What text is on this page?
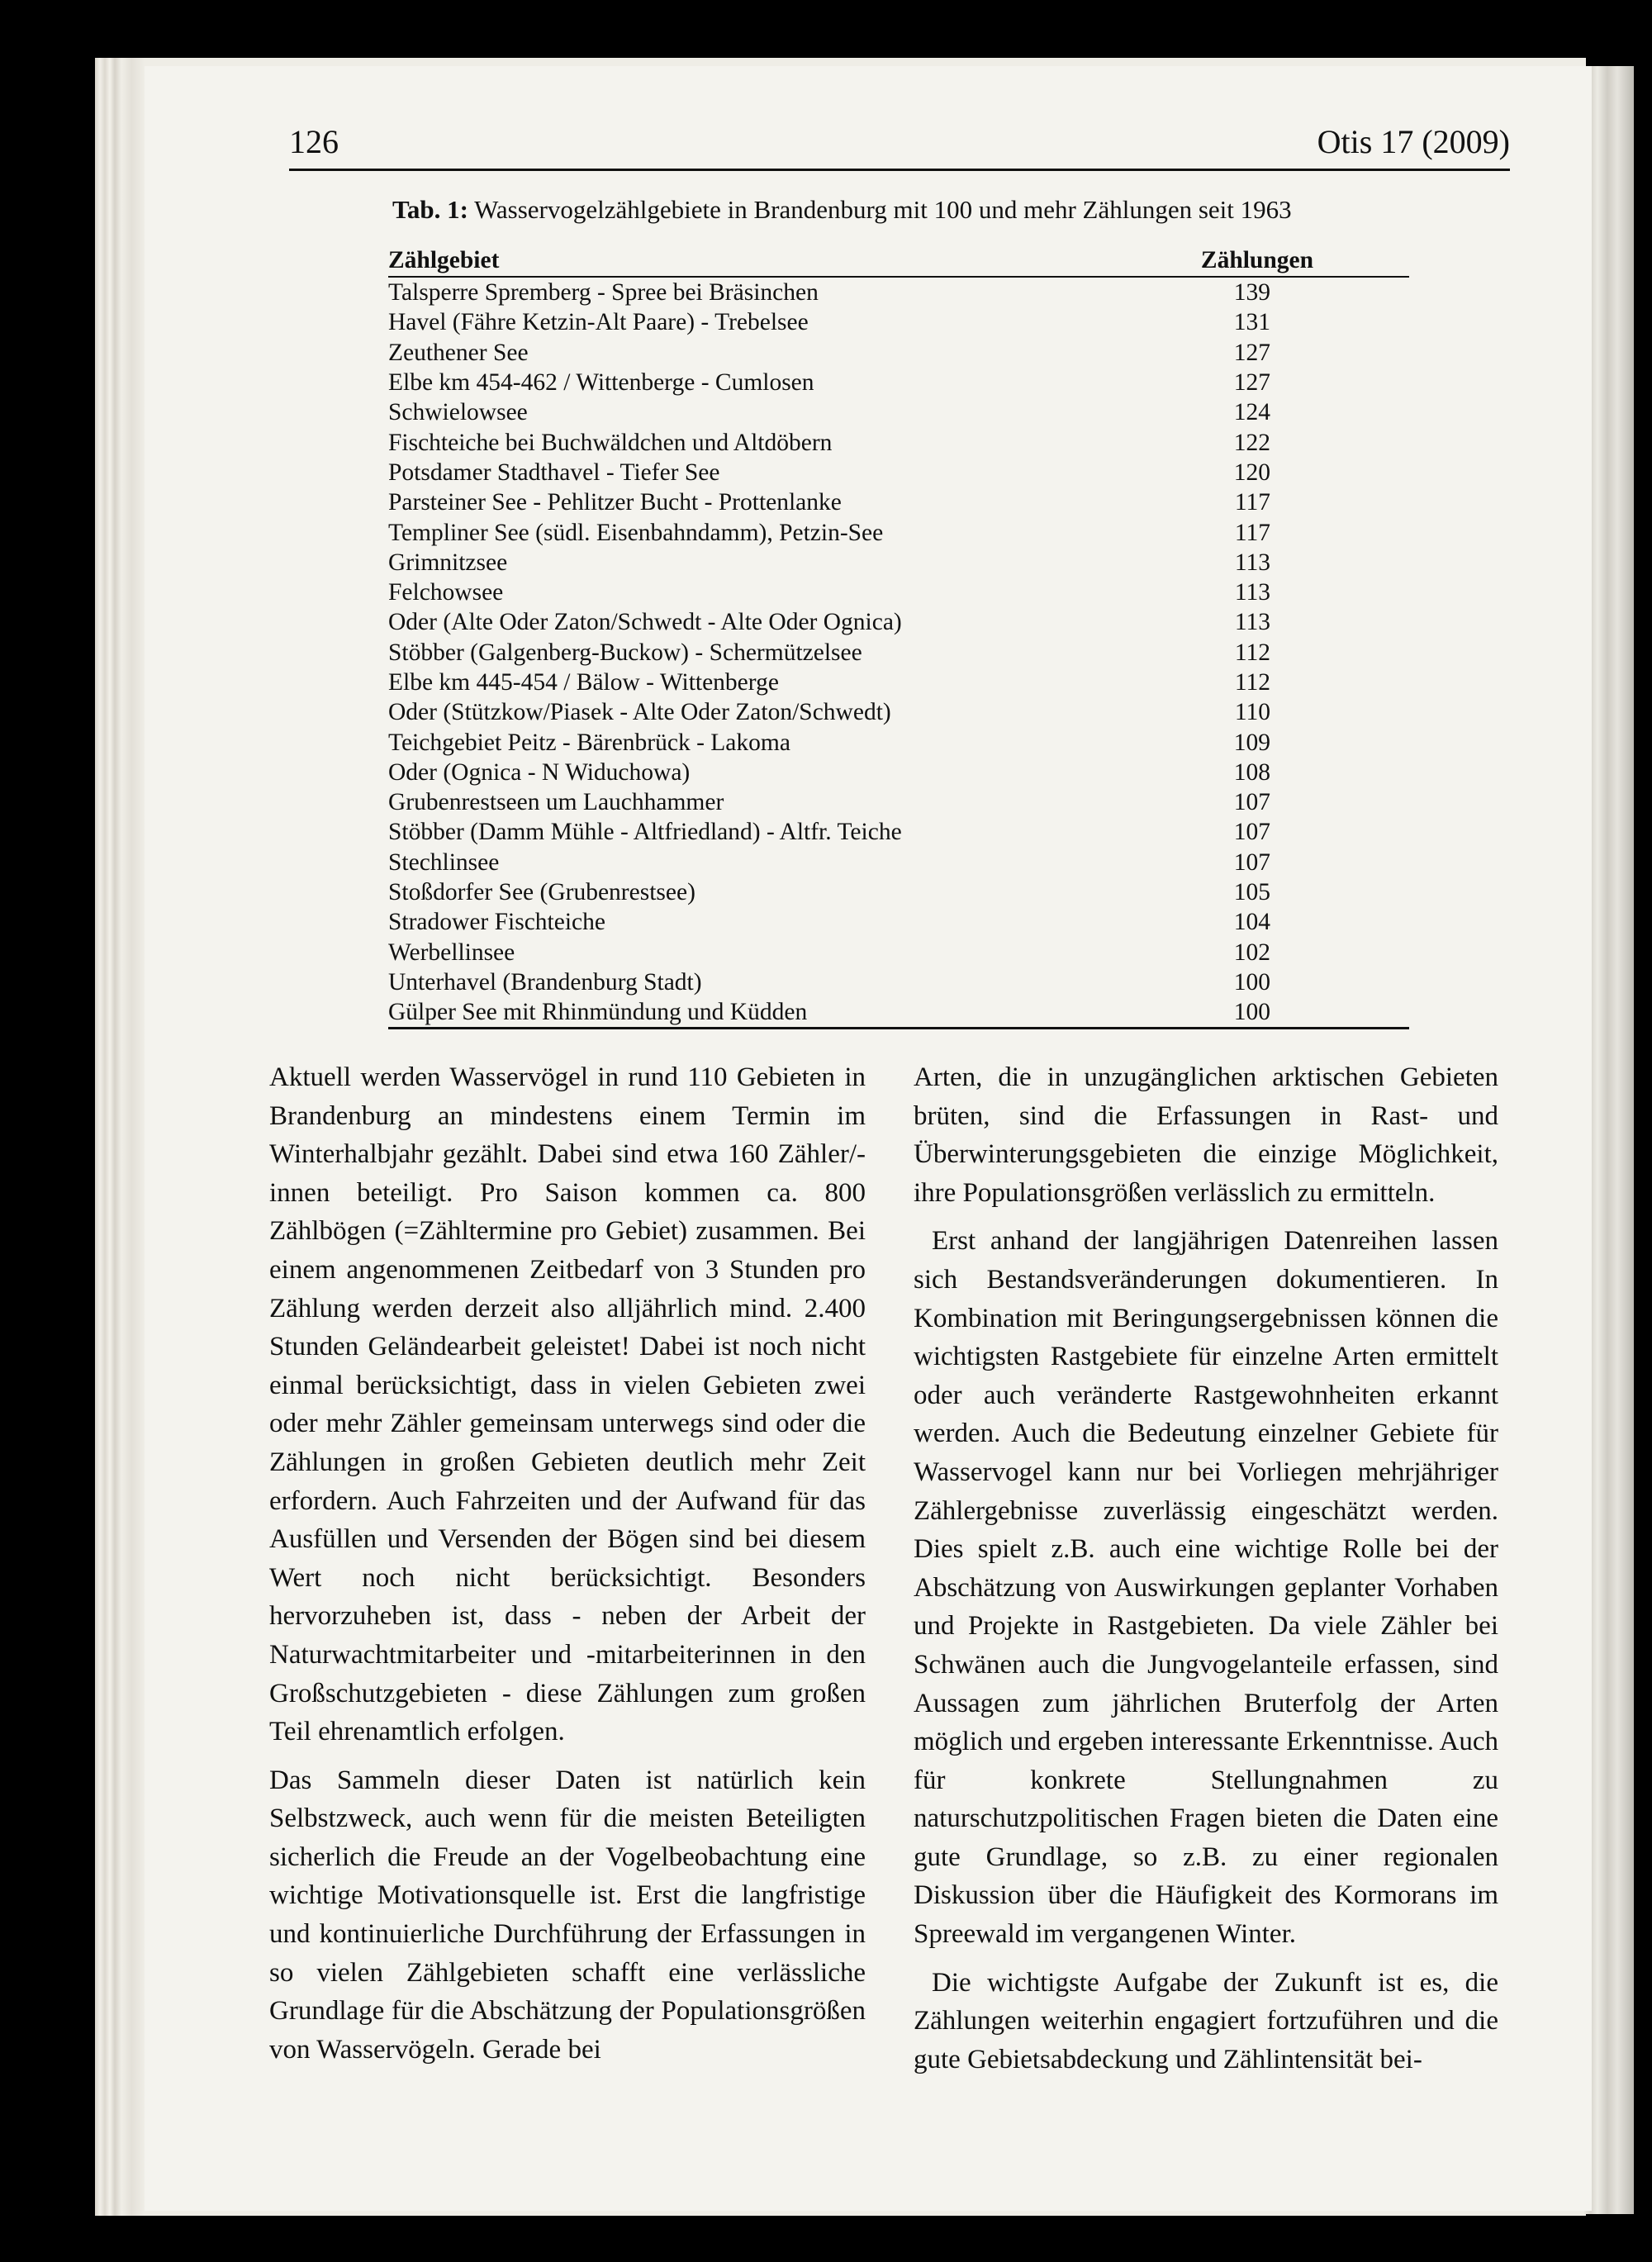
126	Otis 17 (2009)
Tab. 1: Wasservogelzählgebiete in Brandenburg mit 100 und mehr Zählungen seit 1963
Zählgebiet	Zählungen
Talsperre Spremberg - Spree bei Bräsinchen	139
Havel (Fähre Ketzin-Alt Paare) - Trebelsee	131
Zeuthener See	127
Elbe km 454-462 / Wittenberge - Cumlosen	127
Schwielowsee	124
Fischteiche bei Buchwäldchen und Altdöbern	122
Potsdamer Stadthavel - Tiefer See	120
Parsteiner See - Pehlitzer Bucht - Prottenlanke	117
Templiner See (südl. Eisenbahndamm), Petzin-See	117
Grimnitzsee	113
Felchowsee	113
Oder (Alte Oder Zaton/Schwedt - Alte Oder Ognica)	113
Stöbber (Galgenberg-Buckow) - Schermützelsee	112
Elbe km 445-454 / Bälow - Wittenberge	112
Oder (Stützkow/Piasek - Alte Oder Zaton/Schwedt)	110
Teichgebiet Peitz - Bärenbrück - Lakoma	109
Oder (Ognica - N Widuchowa)	108
Grubenrestseen um Lauchhammer	107
Stöbber (Damm Mühle - Altfriedland) - Altfr. Teiche	107
Stechlinsee	107
Stoßdorfer See (Grubenrestsee)	105
Stradower Fischteiche	104
Werbellinsee	102
Unterhavel (Brandenburg Stadt)	100
Gülper See mit Rhinmündung und Küdden	100

Aktuell werden Wasservögel in rund 110 Gebieten in Brandenburg an mindestens einem Termin im Winterhalbjahr gezählt. Dabei sind etwa 160 Zähler/-innen beteiligt. Pro Saison kommen ca. 800 Zählbögen (=Zähltermine pro Gebiet) zusammen. Bei einem angenommenen Zeitbedarf von 3 Stunden pro Zählung werden derzeit also alljährlich mind. 2.400 Stunden Geländearbeit geleistet! Dabei ist noch nicht einmal berücksichtigt, dass in vielen Gebieten zwei oder mehr Zähler gemeinsam unterwegs sind oder die Zählungen in großen Gebieten deutlich mehr Zeit erfordern. Auch Fahrzeiten und der Aufwand für das Ausfüllen und Versenden der Bögen sind bei diesem Wert noch nicht berücksichtigt. Besonders hervorzuheben ist, dass - neben der Arbeit der Naturwachtmitarbeiter und -mitarbeiterinnen in den Großschutzgebieten - diese Zählungen zum großen Teil ehrenamtlich erfolgen.

Das Sammeln dieser Daten ist natürlich kein Selbstzweck, auch wenn für die meisten Beteiligten sicherlich die Freude an der Vogelbeobachtung eine wichtige Motivationsquelle ist. Erst die langfristige und kontinuierliche Durchführung der Erfassungen in so vielen Zählgebieten schafft eine verlässliche Grundlage für die Abschätzung der Populationsgrößen von Wasservögeln. Gerade bei

Arten, die in unzugänglichen arktischen Gebieten brüten, sind die Erfassungen in Rast- und Überwinterungsgebieten die einzige Möglichkeit, ihre Populationsgrößen verlässlich zu ermitteln.

Erst anhand der langjährigen Datenreihen lassen sich Bestandsveränderungen dokumentieren. In Kombination mit Beringungsergebnissen können die wichtigsten Rastgebiete für einzelne Arten ermittelt oder auch veränderte Rastgewohnheiten erkannt werden. Auch die Bedeutung einzelner Gebiete für Wasservogel kann nur bei Vorliegen mehrjähriger Zählergebnisse zuverlässig eingeschätzt werden. Dies spielt z.B. auch eine wichtige Rolle bei der Abschätzung von Auswirkungen geplanter Vorhaben und Projekte in Rastgebieten. Da viele Zähler bei Schwänen auch die Jungvogelanteile erfassen, sind Aussagen zum jährlichen Bruterfolg der Arten möglich und ergeben interessante Erkenntnisse. Auch für konkrete Stellungnahmen zu naturschutzpolitischen Fragen bieten die Daten eine gute Grundlage, so z.B. zu einer regionalen Diskussion über die Häufigkeit des Kormorans im Spreewald im vergangenen Winter.

Die wichtigste Aufgabe der Zukunft ist es, die Zählungen weiterhin engagiert fortzuführen und die gute Gebietsabdeckung und Zählintensität bei-
